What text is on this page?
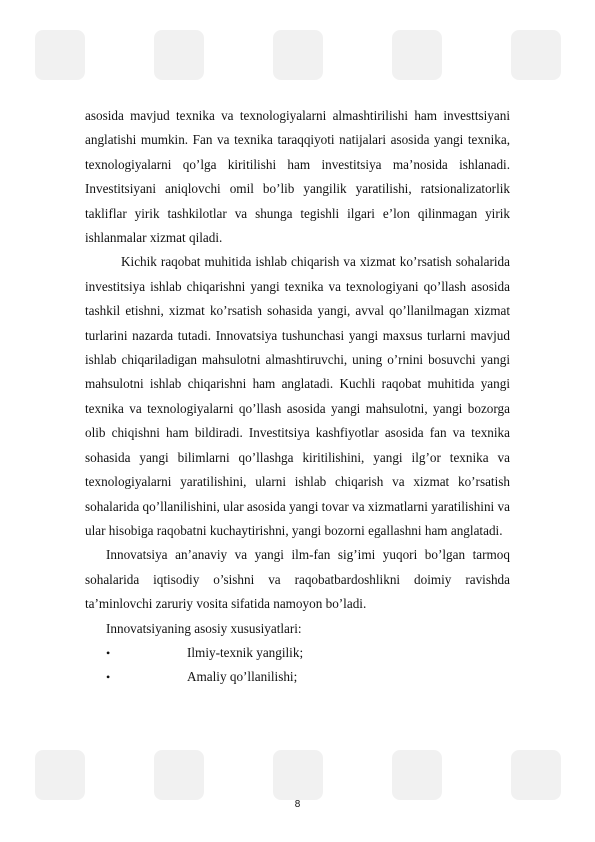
asosida mavjud texnika va texnologiyalarni almashtirilishi ham investtsiyani anglatishi mumkin. Fan va texnika taraqqiyoti natijalari asosida yangi texnika, texnologiyalarni qo’lga kiritilishi ham investitsiya ma’nosida ishlanadi. Investitsiyani aniqlovchi omil bo’lib yangilik yaratilishi, ratsionalizatorlik takliflar yirik tashkilotlar va shunga tegishli ilgari e’lon qilinmagan yirik ishlanmalar xizmat qiladi.

Kichik raqobat muhitida ishlab chiqarish va xizmat ko’rsatish sohalarida investitsiya ishlab chiqarishni yangi texnika va texnologiyani qo’llash asosida tashkil etishni, xizmat ko’rsatish sohasida yangi, avval qo’llanilmagan xizmat turlarini nazarda tutadi. Innovatsiya tushunchasi yangi maxsus turlarni mavjud ishlab chiqariladigan mahsulotni almashtiruvchi, uning o’rnini bosuvchi yangi mahsulotni ishlab chiqarishni ham anglatadi. Kuchli raqobat muhitida yangi texnika va texnologiyalarni qo’llash asosida yangi mahsulotni, yangi bozorga olib chiqishni ham bildiradi. Investitsiya kashfiyotlar asosida fan va texnika sohasida yangi bilimlarni qo’llashga kiritilishini, yangi ilg’or texnika va texnologiyalarni yaratilishini, ularni ishlab chiqarish va xizmat ko’rsatish sohalarida qo’llanilishini, ular asosida yangi tovar va xizmatlarni yaratilishini va ular hisobiga raqobatni kuchaytirishni, yangi bozorni egallashni ham anglatadi.

Innovatsiya an’anaviy va yangi ilm-fan sig’imi yuqori bo’lgan tarmoq sohalarida iqtisodiy o’sishni va raqobatbardoshlikni doimiy ravishda ta’minlovchi zaruriy vosita sifatida namoyon bo’ladi.

Innovatsiyaning asosiy xususiyatlari:

•	Ilmiy-texnik yangilik;
•	Amaliy qo’llanilishi;
8
